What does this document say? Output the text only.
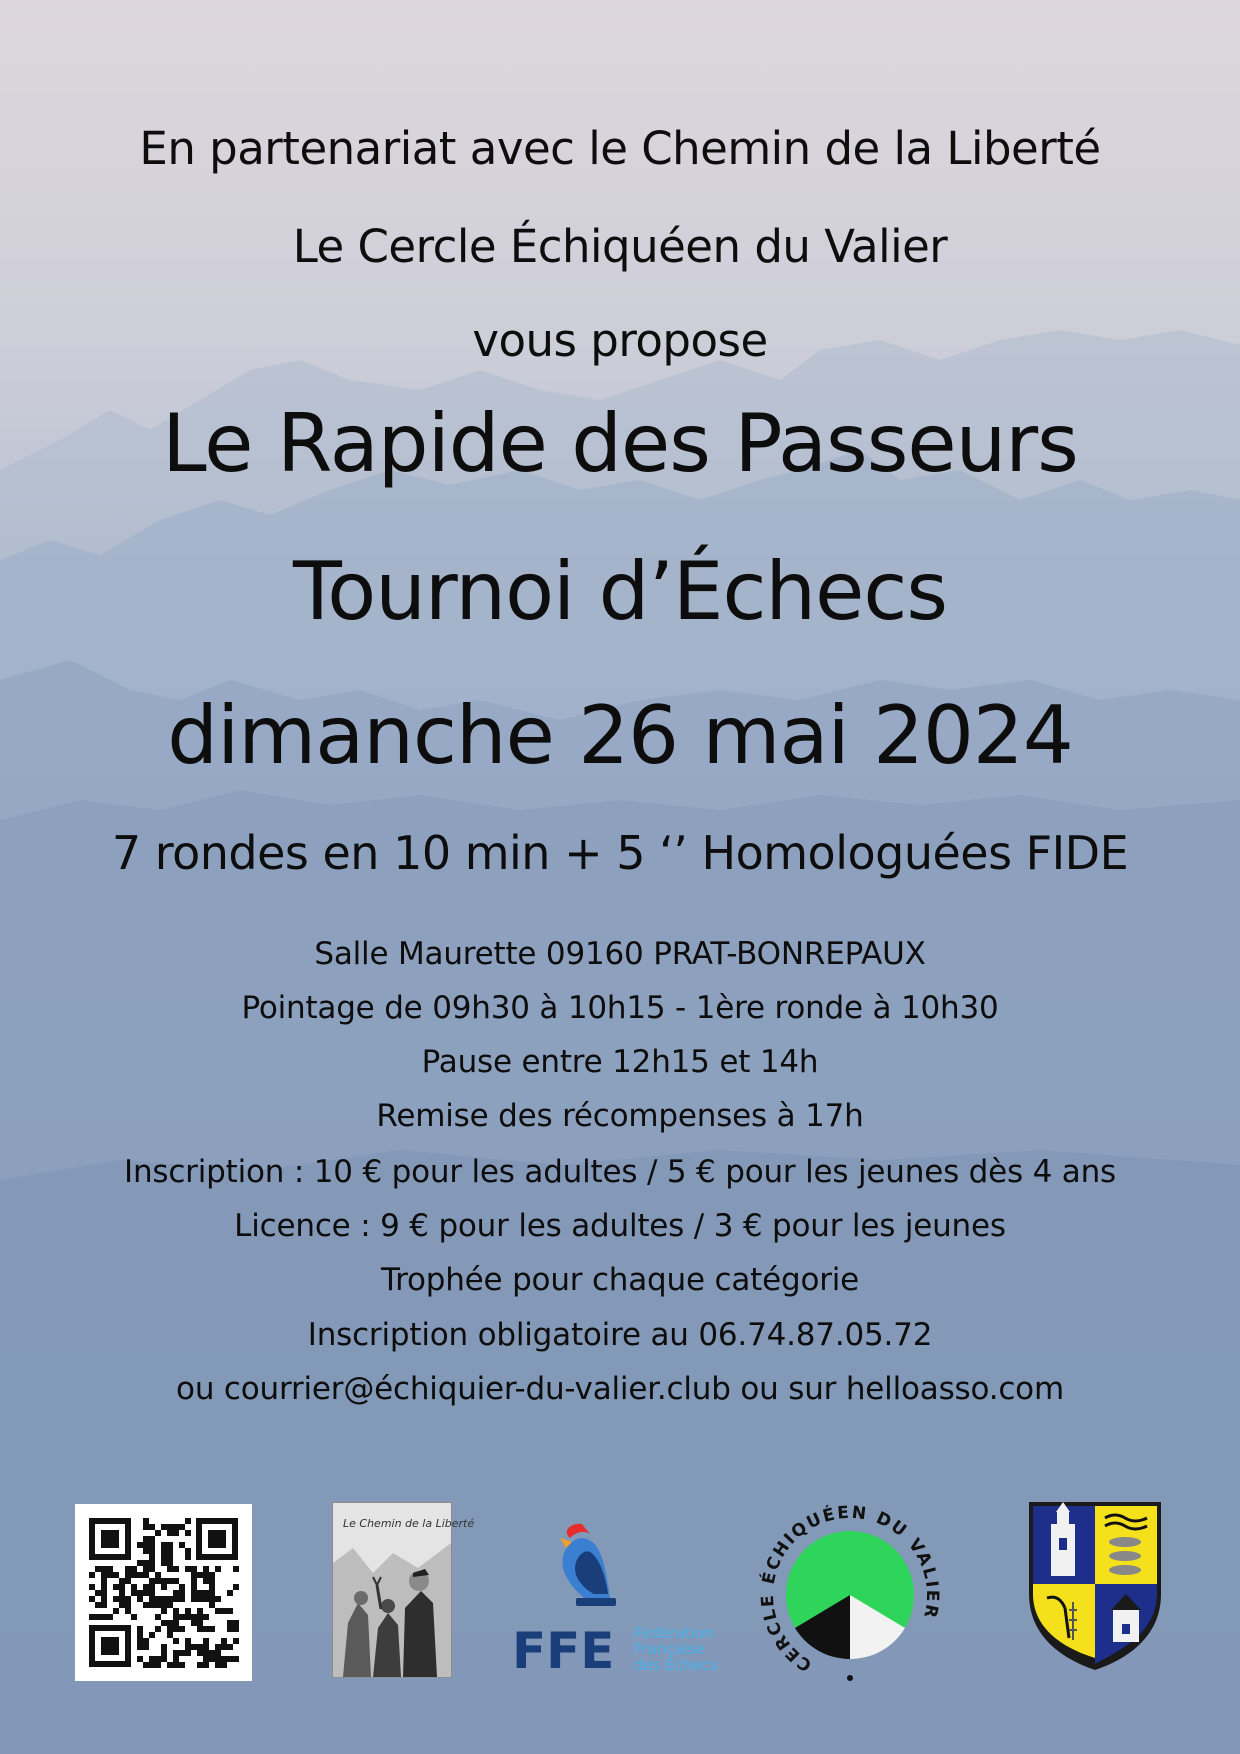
En partenariat avec le Chemin de la Liberté
Le Cercle Échiquéen du Valier
vous propose
Le Rapide des Passeurs
Tournoi d’Échecs
dimanche 26 mai 2024
7 rondes en 10 min + 5 ‘’ Homologuées FIDE
Salle Maurette 09160 PRAT-BONREPAUX
Pointage de 09h30 à 10h15 - 1ère ronde à 10h30
Pause entre 12h15 et 14h
Remise des récompenses à 17h
Inscription : 10 € pour les adultes / 5 € pour les jeunes dès 4 ans
Licence : 9 € pour les adultes / 3 € pour les jeunes
Trophée pour chaque catégorie
Inscription obligatoire au 06.74.87.05.72
ou courrier@échiquier-du-valier.club ou sur helloasso.com
Le Chemin de la Liberté
FFE Fédération
Française
des Échecs	CERCLE ÉCHIQUÉEN DU VALIER
